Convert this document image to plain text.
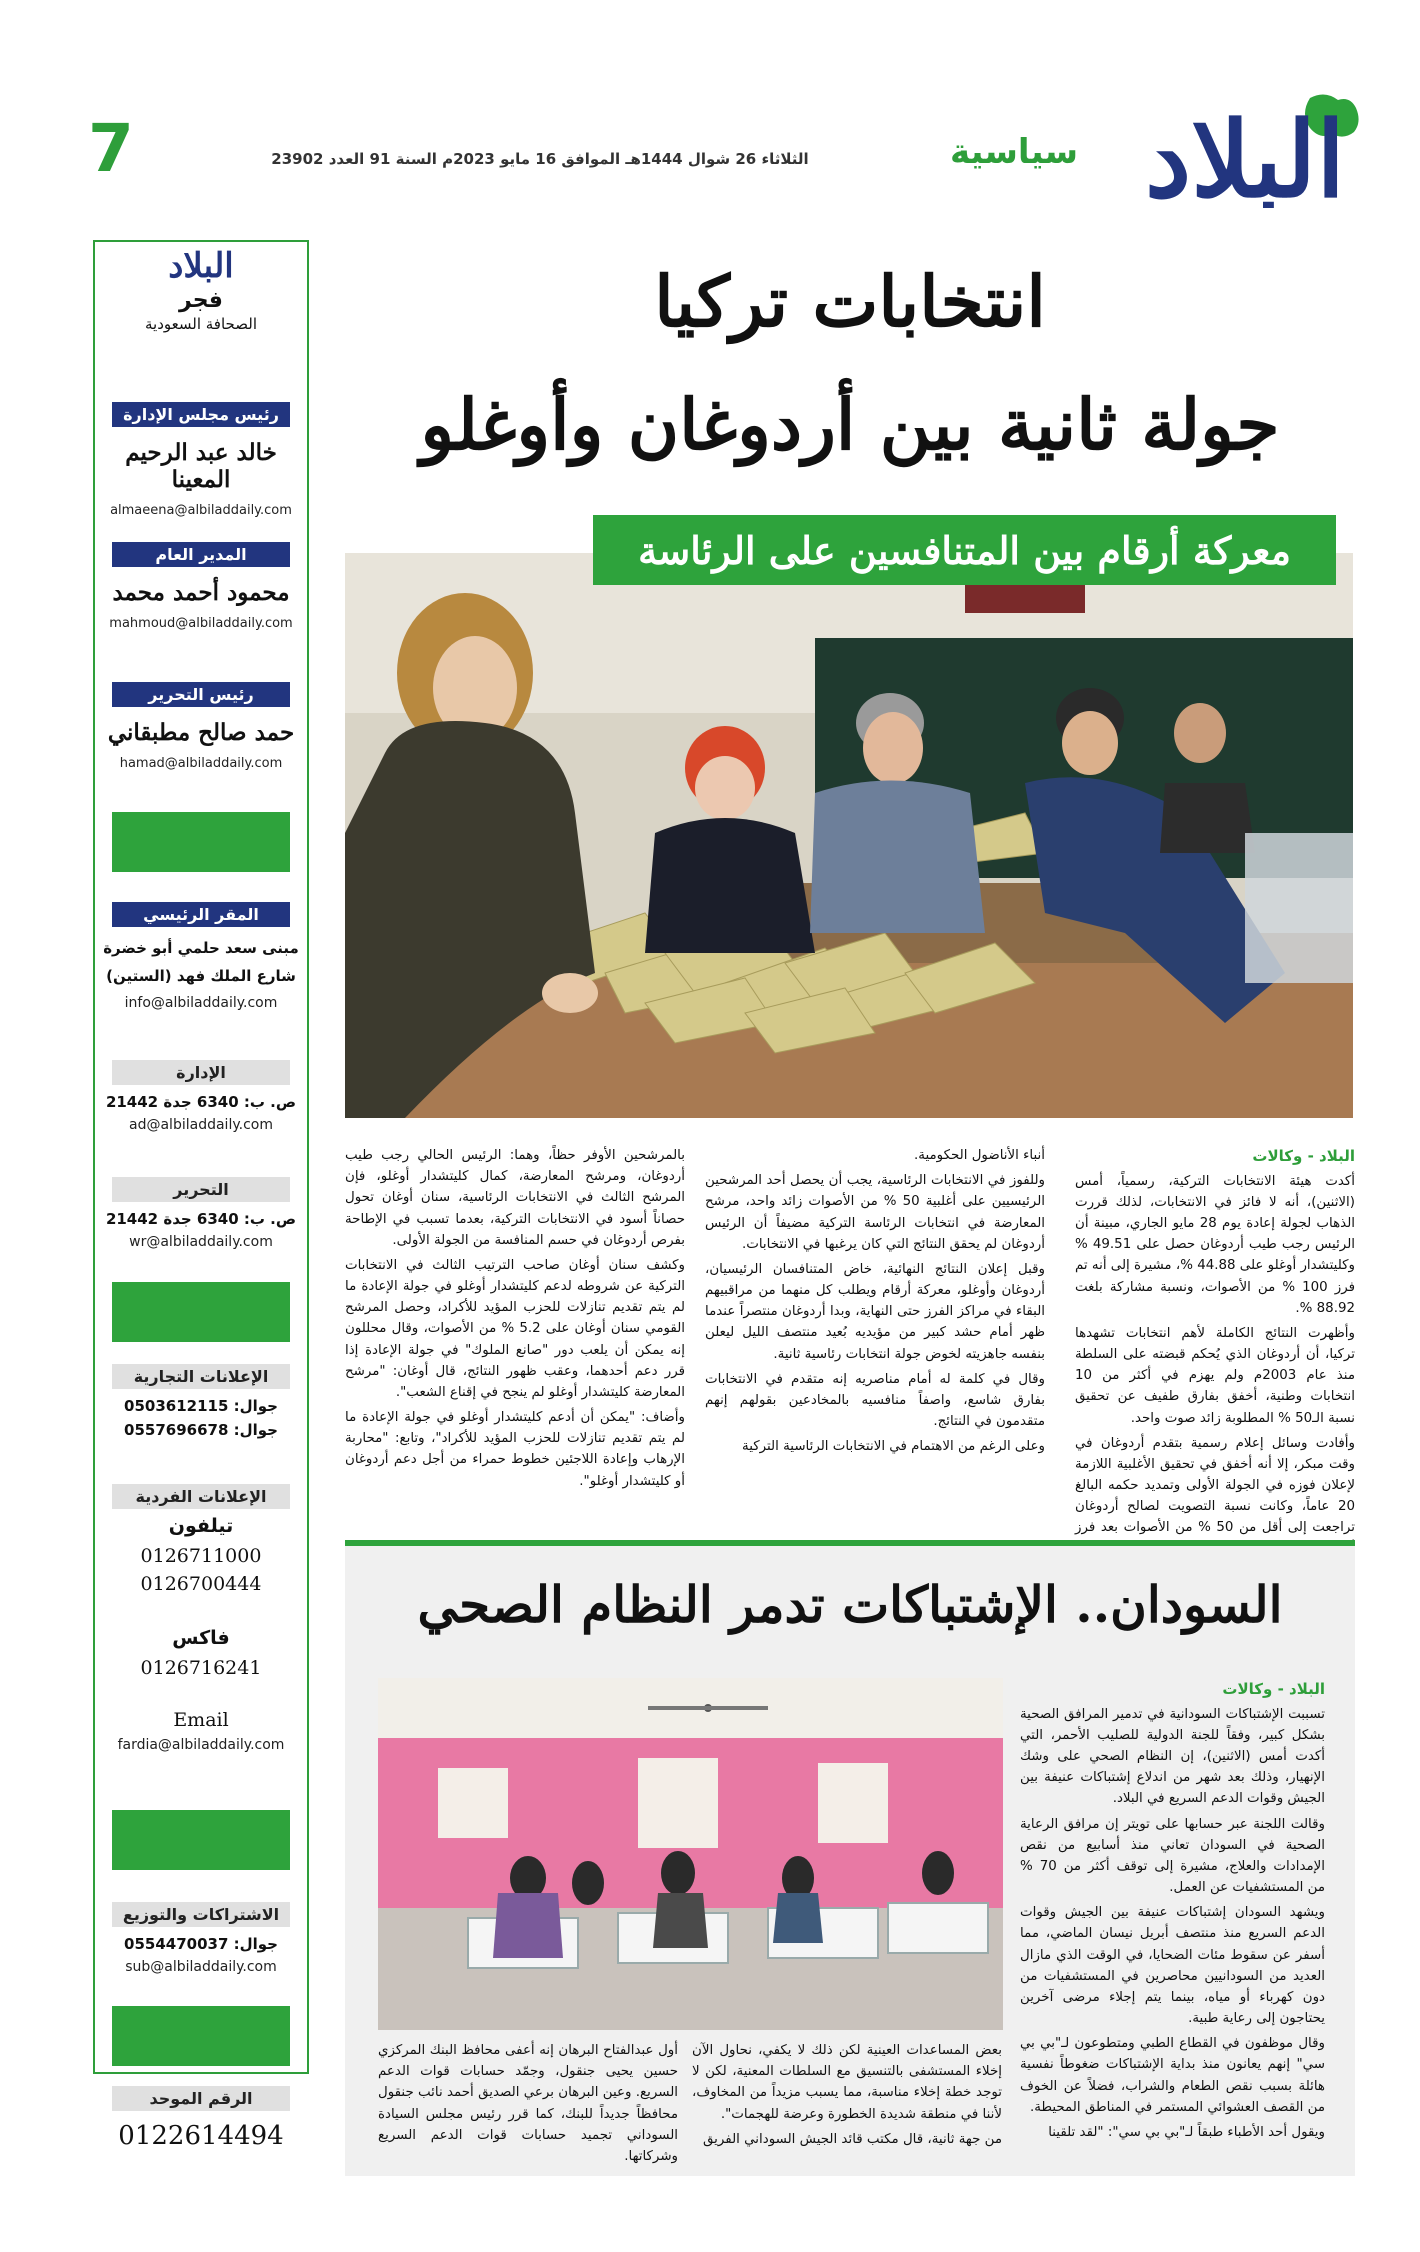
7	الثلاثاء 26 شوال 1444هـ الموافق 16 مايو 2023م السنة 91 العدد 23902	سياسية البلاد
البلاد
فجر
الصحافة السعودية
رئيس مجلس الإدارة
خالد عبد الرحيم المعينا
almaeena@albiladdaily.com
المدير العام
محمود أحمد محمد
mahmoud@albiladdaily.com
رئيس التحرير
حمد صالح مطبقاني
hamad@albiladdaily.com
المقر الرئيسي
مبنى سعد حلمي أبو خضرة
شارع الملك فهد (الستين)
info@albiladdaily.com
الإدارة
ص. ب: 6340 جدة 21442
ad@albiladdaily.com
التحرير
ص. ب: 6340 جدة 21442
wr@albiladdaily.com
الإعلانات التجارية
جوال: 0503612115
جوال: 0557696678
الإعلانات الفردية
تيلفون
0126711000
0126700444
فاكس
0126716241
Email
fardia@albiladdaily.com
الاشتراكات والتوزيع
جوال: 0554470037
sub@albiladdaily.com
الرقم الموحد
0122614494
انتخابات تركيا
جولة ثانية بين أردوغان وأوغلو
معركة أرقام بين المتنافسين على الرئاسة
البلاد - وكالات

أكدت هيئة الانتخابات التركية، رسمياً، أمس (الاثنين)، أنه لا فائز في الانتخابات، لذلك قررت الذهاب لجولة إعادة يوم 28 مايو الجاري، مبينة أن الرئيس رجب طيب أردوغان حصل على 49.51 % وكليتشدار أوغلو على 44.88 %، مشيرة إلى أنه تم فرز 100 % من الأصوات، ونسبة مشاركة بلغت 88.92 %.

وأظهرت النتائج الكاملة لأهم انتخابات تشهدها تركيا، أن أردوغان الذي يُحكم قبضته على السلطة منذ عام 2003م ولم يهزم في أكثر من 10 انتخابات وطنية، أخفق بفارق طفيف عن تحقيق نسبة الـ50 % المطلوبة زائد صوت واحد.

وأفادت وسائل إعلام رسمية بتقدم أردوغان في وقت مبكر، إلا أنه أخفق في تحقيق الأغلبية اللازمة لإعلان فوزه في الجولة الأولى وتمديد حكمه البالغ 20 عاماً، وكانت نسبة التصويت لصالح أردوغان تراجعت إلى أقل من 50 % من الأصوات بعد فرز

أنباء الأناضول الحكومية.

وللفوز في الانتخابات الرئاسية، يجب أن يحصل أحد المرشحين الرئيسيين على أغلبية 50 % من الأصوات زائد واحد، مرشح المعارضة في انتخابات الرئاسة التركية مضيفاً أن الرئيس أردوغان لم يحقق النتائج التي كان يرغبها في الانتخابات.

وقبل إعلان النتائج النهائية، خاض المتنافسان الرئيسيان، أردوغان وأوغلو، معركة أرقام ويطلب كل منهما من مراقبيهم البقاء في مراكز الفرز حتى النهاية، وبدا أردوغان منتصراً عندما ظهر أمام حشد كبير من مؤيديه بُعيد منتصف الليل ليعلن بنفسه جاهزيته لخوض جولة انتخابات رئاسية ثانية.

وقال في كلمة له أمام مناصريه إنه متقدم في الانتخابات بفارق شاسع، واصفاً منافسيه بالمخادعين بقولهم إنهم متقدمون في النتائج.

وعلى الرغم من الاهتمام في الانتخابات الرئاسية التركية

بالمرشحين الأوفر حظاً، وهما: الرئيس الحالي رجب طيب أردوغان، ومرشح المعارضة، كمال كليتشدار أوغلو، فإن المرشح الثالث في الانتخابات الرئاسية، سنان أوغان تحول حصاناً أسود في الانتخابات التركية، بعدما تسبب في الإطاحة بفرص أردوغان في حسم المنافسة من الجولة الأولى.

وكشف سنان أوغان صاحب الترتيب الثالث في الانتخابات التركية عن شروطه لدعم كليتشدار أوغلو في جولة الإعادة ما لم يتم تقديم تنازلات للحزب المؤيد للأكراد، وحصل المرشح القومي سنان أوغان على 5.2 % من الأصوات، وقال محللون إنه يمكن أن يلعب دور "صانع الملوك" في جولة الإعادة إذا قرر دعم أحدهما، وعقب ظهور النتائج، قال أوغان: "مرشح المعارضة كليتشدار أوغلو لم ينجح في إقناع الشعب".

وأضاف: "يمكن أن أدعم كليتشدار أوغلو في جولة الإعادة ما لم يتم تقديم تنازلات للحزب المؤيد للأكراد"، وتابع: "محاربة الإرهاب وإعادة اللاجئين خطوط حمراء من أجل دعم أردوغان أو كليتشدار أوغلو".

السودان.. الإشتباكات تدمر النظام الصحي
البلاد - وكالات

تسببت الإشتباكات السودانية في تدمير المرافق الصحية بشكل كبير، وفقاً للجنة الدولية للصليب الأحمر، التي أكدت أمس (الاثنين)، إن النظام الصحي على وشك الإنهيار، وذلك بعد شهر من اندلاع إشتباكات عنيفة بين الجيش وقوات الدعم السريع في البلاد.

وقالت اللجنة عبر حسابها على تويتر إن مرافق الرعاية الصحية في السودان تعاني منذ أسابيع من نقص الإمدادات والعلاج، مشيرة إلى توقف أكثر من 70 % من المستشفيات عن العمل.

ويشهد السودان إشتباكات عنيفة بين الجيش وقوات الدعم السريع منذ منتصف أبريل نيسان الماضي، مما أسفر عن سقوط مئات الضحايا، في الوقت الذي مازال العديد من السودانيين محاصرين في المستشفيات من دون كهرباء أو مياه، بينما يتم إجلاء مرضى آخرين يحتاجون إلى رعاية طبية.

وقال موظفون في القطاع الطبي ومتطوعون لـ"بي بي سي" إنهم يعانون منذ بداية الإشتباكات ضغوطاً نفسية هائلة بسبب نقص الطعام والشراب، فضلاً عن الخوف من القصف العشوائي المستمر في المناطق المحيطة.

ويقول أحد الأطباء طبقاً لـ"بي بي سي": "لقد تلقينا

بعض المساعدات العينية لكن ذلك لا يكفي، نحاول الآن إخلاء المستشفى بالتنسيق مع السلطات المعنية، لكن لا توجد خطة إخلاء مناسبة، مما يسبب مزيداً من المخاوف، لأننا في منطقة شديدة الخطورة وعرضة للهجمات".

من جهة ثانية، قال مكتب قائد الجيش السوداني الفريق

أول عبدالفتاح البرهان إنه أعفى محافظ البنك المركزي حسين يحيى جنقول، وجمّد حسابات قوات الدعم السريع. وعين البرهان برعي الصديق أحمد نائب جنقول محافظاً جديداً للبنك، كما قرر رئيس مجلس السيادة السوداني تجميد حسابات قوات الدعم السريع وشركاتها.
